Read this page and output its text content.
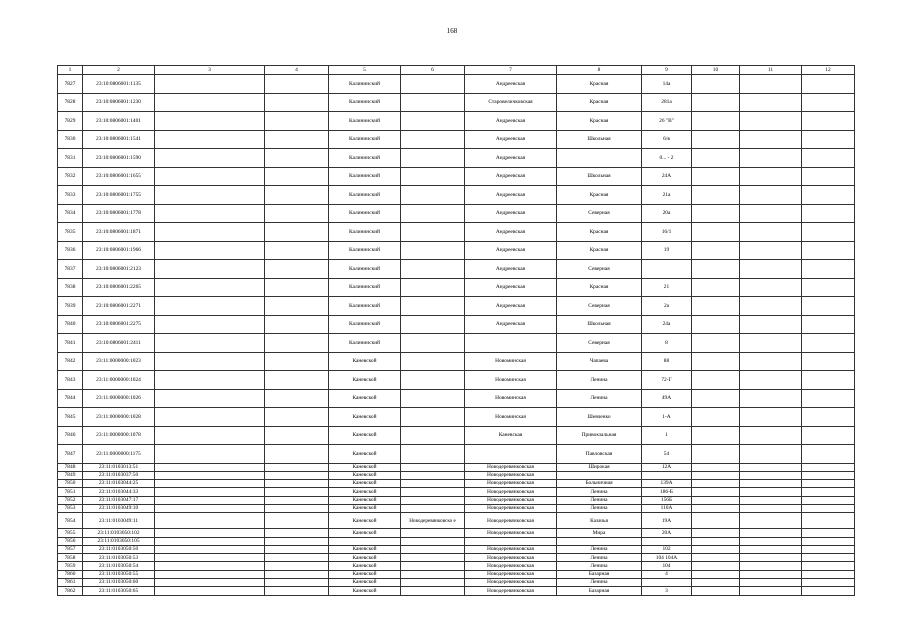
168
1	2	3	4	5	6	7	8	9	10	11	12
7827	23:10:0806001:1135			Калининский		Андреевская	Красная	14а			
7828	23:10:0806001:1230			Калининский		Старовеличковская	Красная	281а			
7829	23:10:0806001:1401			Калининский		Андреевская	Красная	26 "В"			
7830	23:10:0806001:1541			Калининский		Андреевская	Школьная	6/в			
7831	23:10:0806001:1590			Калининский		Андреевская		0... - 2			
7832	23:10:0806001:1655			Калининский		Андреевская	Школьная	24А			
7833	23:10:0806001:1755			Калининский		Андреевская	Красная	21а			
7834	23:10:0806001:1778			Калининский		Андреевская	Северная	20а			
7835	23:10:0806001:1871			Калининский		Андреевская	Красная	16/1			
7836	23:10:0806001:1966			Калининский		Андреевская	Красная	19			
7837	23:10:0806001:2123			Калининский		Андреевская	Северная				
7838	23:10:0806001:2265			Калининский		Андреевская	Красная	21			
7839	23:10:0806001:2271			Калининский		Андреевская	Северная	2а			
7840	23:10:0806001:2275			Калининский		Андреевская	Школьная	24а			
7841	23:10:0806001:2411			Калининский			Северная	8			
7842	23:11:0000000:1023			Каневской		Новоминская	Чапаева	88			
7843	23:11:0000000:1024			Каневской		Новоминская	Ленина	72-Г			
7844	23:11:0000000:1026			Каневской		Новоминская	Ленина	49А			
7845	23:11:0000000:1028			Каневской		Новоминская	Шевченко	1-А			
7846	23:11:0000000:1078			Каневской		Каневская	Привокзальная	1			
7847	23:11:0000000:1175			Каневской			Павловская	54			
7848	23:11:0103013:51			Каневской		Новодеревянковская	Широкая	12А			
7849	23:11:0103037:50			Каневской		Новодеревянковская					
7850	23:11:0103044:25			Каневской		Новодеревянковская	Больничная	139А			
7851	23:11:0103044:33			Каневской		Новодеревянковская	Ленина	186-Б			
7852	23:11:0103047:17			Каневской		Новодеревянковская	Ленина	156Б			
7853	23:11:0103049:10			Каневской		Новодеревянковская	Ленина	110А			
7854	23:11:0103049:11			Каневской	Новодеревянковско е	Новодеревянковская	Казачья	19А			
7855	23:11:0103050:102			Каневской		Новодеревянковская	Мира	20А			
7856	23:11:0103050:105										
7857	23:11:0103050:50			Каневской		Новодеревянковская	Ленина	102			
7858	23:11:0103050:53			Каневской		Новодеревянковская	Ленина	104 104А			
7859	23:11:0103050:54			Каневской		Новодеревянковская	Ленина	104			
7860	23:11:0103050:55			Каневской		Новодеревянковская	Базарная	4			
7861	23:11:0103050:60			Каневской		Новодеревянковская	Ленина				
7862	23:11:0103050:65			Каневской		Новодеревянковская	Базарная	3			
